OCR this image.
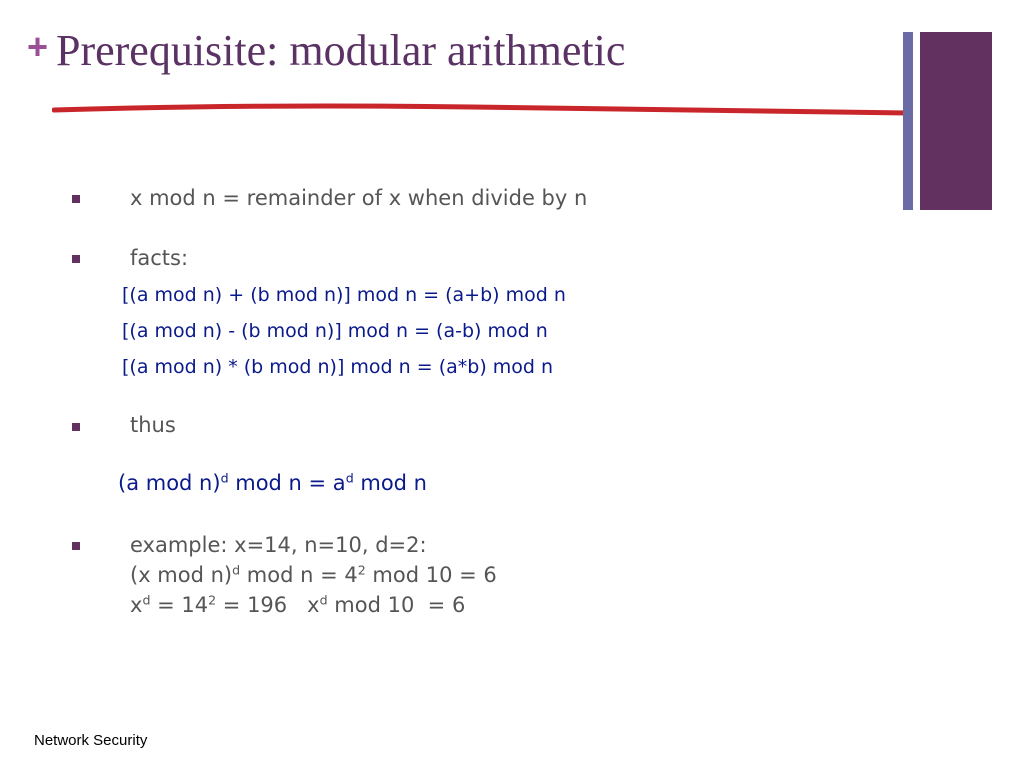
+ Prerequisite: modular arithmetic
x mod n = remainder of x when divide by n
facts:
[(a mod n) + (b mod n)] mod n = (a+b) mod n
[(a mod n) - (b mod n)] mod n = (a-b) mod n
[(a mod n) * (b mod n)] mod n = (a*b) mod n
thus
(a mod n)$^d$ mod $n = a^d$ mod n
example: x=14, n=10, d=2:
(x mod n)$^d$ mod $n = 4^2$ mod 10 = 6
$x^d = 14^2 = 196$   $x^d$ mod 10  = 6
Network Security
